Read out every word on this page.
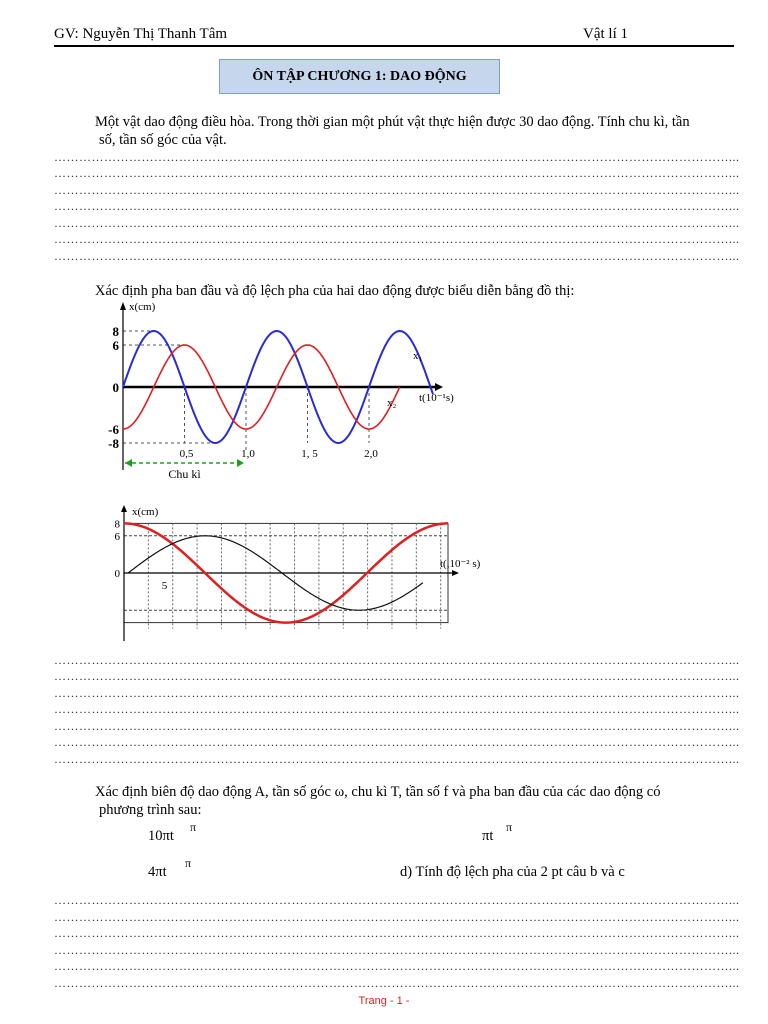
GV: Nguyễn Thị Thanh Tâm	Vật lí 1
ÔN TẬP CHƯƠNG 1: DAO ĐỘNG
Một vật dao động điều hòa. Trong thời gian một phút vật thực hiện được 30 dao động. Tính chu kì, tần
số, tần số góc của vật.
………………………………………………………………………………………………………………………………………………...
………………………………………………………………………………………………………………………………………………...
………………………………………………………………………………………………………………………………………………...
………………………………………………………………………………………………………………………………………………...
………………………………………………………………………………………………………………………………………………...
………………………………………………………………………………………………………………………………………………...
………………………………………………………………………………………………………………………………………………...
Xác định pha ban đầu và độ lệch pha của hai dao động được biểu diễn bằng đồ thị:
x(cm)
8
6
0
-6
-8
0,5	1,0	1, 5	2,0
t(10⁻¹s)
x₁
x₂
Chu kì
x(cm)
8
6
0
5
t(,10⁻² s)
………………………………………………………………………………………………………………………………………………...
………………………………………………………………………………………………………………………………………………...
………………………………………………………………………………………………………………………………………………...
………………………………………………………………………………………………………………………………………………...
………………………………………………………………………………………………………………………………………………...
………………………………………………………………………………………………………………………………………………...
………………………………………………………………………………………………………………………………………………...
Xác định biên độ dao động A, tần số góc ω, chu kì T, tần số f và pha ban đầu của các dao động có
phương trình sau:
10πt
π
πt
π
4πt
π
d) Tính độ lệch pha của 2 pt câu b và c
………………………………………………………………………………………………………………………………………………...
………………………………………………………………………………………………………………………………………………...
………………………………………………………………………………………………………………………………………………...
………………………………………………………………………………………………………………………………………………...
………………………………………………………………………………………………………………………………………………...
………………………………………………………………………………………………………………………………………………...
Trang - 1 -
